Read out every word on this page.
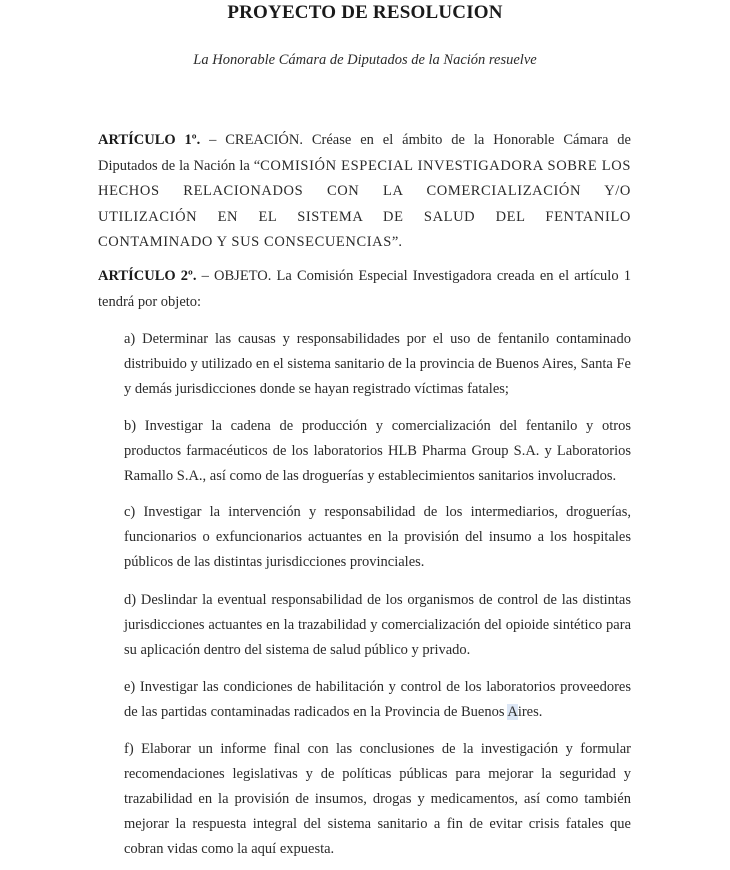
PROYECTO DE RESOLUCION
La Honorable Cámara de Diputados de la Nación resuelve
ARTÍCULO 1º. – CREACIÓN. Créase en el ámbito de la Honorable Cámara de Diputados de la Nación la “COMISIÓN ESPECIAL INVESTIGADORA SOBRE LOS HECHOS RELACIONADOS CON LA COMERCIALIZACIÓN Y/O UTILIZACIÓN EN EL SISTEMA DE SALUD DEL FENTANILO CONTAMINADO Y SUS CONSECUENCIAS”.
ARTÍCULO 2º. – OBJETO. La Comisión Especial Investigadora creada en el artículo 1 tendrá por objeto:
a) Determinar las causas y responsabilidades por el uso de fentanilo contaminado distribuido y utilizado en el sistema sanitario de la provincia de Buenos Aires, Santa Fe y demás jurisdicciones donde se hayan registrado víctimas fatales;
b) Investigar la cadena de producción y comercialización del fentanilo y otros productos farmacéuticos de los laboratorios HLB Pharma Group S.A. y Laboratorios Ramallo S.A., así como de las droguerías y establecimientos sanitarios involucrados.
c) Investigar la intervención y responsabilidad de los intermediarios, droguerías, funcionarios o exfuncionarios actuantes en la provisión del insumo a los hospitales públicos de las distintas jurisdicciones provinciales.
d) Deslindar la eventual responsabilidad de los organismos de control de las distintas jurisdicciones actuantes en la trazabilidad y comercialización del opioide sintético para su aplicación dentro del sistema de salud público y privado.
e) Investigar las condiciones de habilitación y control de los laboratorios proveedores de las partidas contaminadas radicados en la Provincia de Buenos Aires.
f) Elaborar un informe final con las conclusiones de la investigación y formular recomendaciones legislativas y de políticas públicas para mejorar la seguridad y trazabilidad en la provisión de insumos, drogas y medicamentos, así como también mejorar la respuesta integral del sistema sanitario a fin de evitar crisis fatales que cobran vidas como la aquí expuesta.
